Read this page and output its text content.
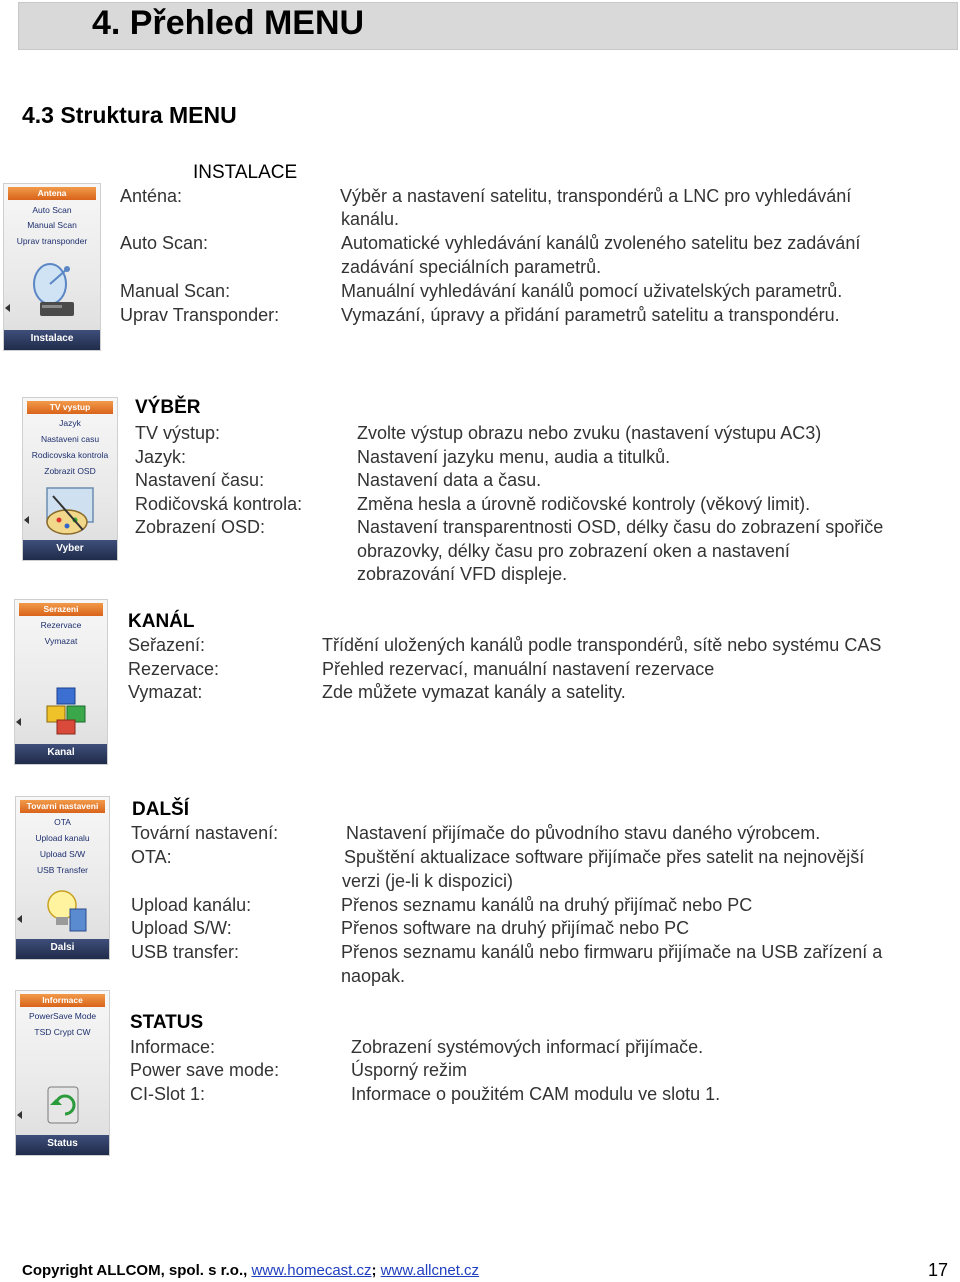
4. Přehled MENU
4.3 Struktura MENU
Antena
Auto Scan
Manual Scan
Uprav transponder
Instalace
INSTALACE
Anténa:	Výběr a nastavení satelitu, transpondérů a LNC pro vyhledávání
kanálu.
Auto Scan:	Automatické vyhledávání kanálů zvoleného satelitu bez zadávání
zadávání speciálních parametrů.
Manual Scan:	Manuální vyhledávání kanálů pomocí uživatelských parametrů.
Uprav Transponder:	Vymazání, úpravy a přidání parametrů satelitu a transpondéru.
TV vystup
Jazyk
Nastaveni casu
Rodicovska kontrola
Zobrazit OSD
Vyber
VÝBĚR
TV výstup:	Zvolte výstup obrazu nebo zvuku (nastavení výstupu AC3)
Jazyk:	Nastavení jazyku menu, audia a titulků.
Nastavení času:	Nastavení data a času.
Rodičovská kontrola:	Změna hesla a úrovně rodičovské kontroly (věkový limit).
Zobrazení OSD:	Nastavení transparentnosti OSD, délky času do zobrazení spořiče
obrazovky, délky času pro zobrazení oken a nastavení
zobrazování VFD displeje.
Serazeni
Rezervace
Vymazat
Kanal
KANÁL
Seřazení:	Třídění uložených kanálů podle transpondérů, sítě nebo systému CAS
Rezervace:	Přehled rezervací, manuální nastavení rezervace
Vymazat:	Zde můžete vymazat kanály a satelity.
Tovarni nastaveni
OTA
Upload kanalu
Upload S/W
USB Transfer
Dalsi
DALŠÍ
Tovární nastavení:	Nastavení přijímače do původního stavu daného výrobcem.
OTA:	Spuštění aktualizace software přijímače přes satelit na nejnovější
verzi (je-li k dispozici)
Upload kanálu:	Přenos seznamu kanálů na druhý přijímač nebo PC
Upload S/W:	Přenos software na druhý přijímač nebo PC
USB transfer:	Přenos seznamu kanálů nebo firmwaru přijímače na USB zařízení a
naopak.
Informace
PowerSave Mode
TSD Crypt CW
Status
STATUS
Informace:	Zobrazení systémových informací přijímače.
Power save mode:	Úsporný režim
CI-Slot 1:	Informace o použitém CAM modulu ve slotu 1.
Copyright ALLCOM, spol. s r.o., www.homecast.cz; www.allcnet.cz	17
